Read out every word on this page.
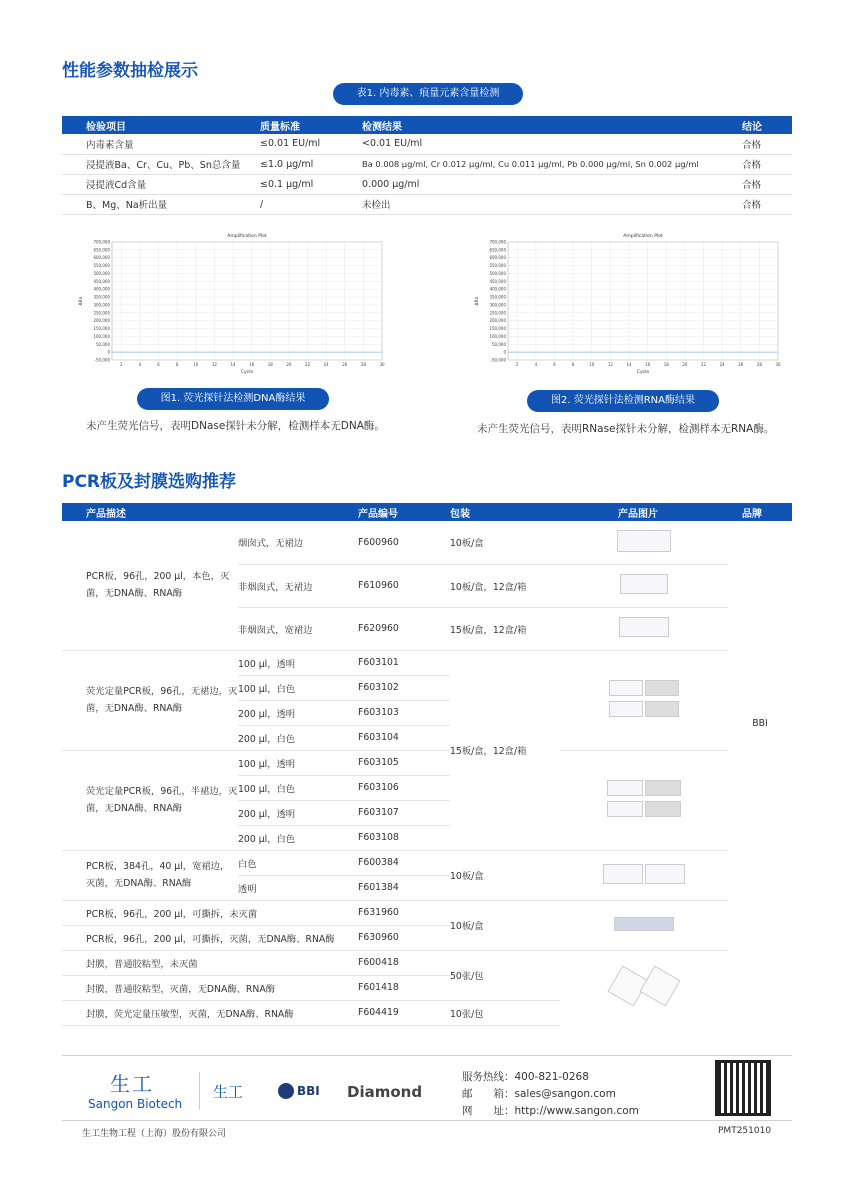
性能参数抽检展示
表1. 内毒素、痕量元素含量检测
检验项目	质量标准	检测结果	结论
内毒素含量	≤0.01 EU/ml	<0.01 EU/ml	合格
浸提液Ba、Cr、Cu、Pb、Sn总含量	≤1.0 μg/ml	Ba 0.008 μg/ml, Cr 0.012 μg/ml, Cu 0.011 μg/ml, Pb 0.000 μg/ml, Sn 0.002 μg/ml	合格
浸提液Cd含量	≤0.1 μg/ml	0.000 μg/ml	合格
B、Mg、Na析出量	/	未检出	合格
Amplification Plot
700,000
650,000
600,000
550,000
500,000
450,000
400,000
350,000
300,000
250,000
200,000
150,000
100,000
50,000
0
-50,000
2	4	6	8	10	12	14	16	18	20	22	24	26	28	30
Cycle
ΔRn
Amplification Plot
700,000
650,000
600,000
550,000
500,000
450,000
400,000
350,000
300,000
250,000
200,000
150,000
100,000
50,000
0
-50,000
2	4	6	8	10	12	14	16	18	20	22	24	26	28	30
Cycle
ΔRn
图1. 荧光探针法检测DNA酶结果	图2. 荧光探针法检测RNA酶结果
未产生荧光信号，表明DNase探针未分解，检测样本无DNA酶。	未产生荧光信号，表明RNase探针未分解，检测样本无RNA酶。
PCR板及封膜选购推荐
产品描述		产品编号	包装	产品图片	品牌
PCR板，96孔，200 μl，本色，灭菌，无DNA酶、RNA酶	烟囱式，无裙边	F600960	10板/盒		BBI
	非烟囱式，无裙边	F610960	10板/盒，12盒/箱		
	非烟囱式，宽裙边	F620960	15板/盒，12盒/箱		
荧光定量PCR板，96孔，无裙边，灭菌，无DNA酶、RNA酶	100 μl，透明	F603101	15板/盒，12盒/箱		

	100 μl，白色	F603102			
	200 μl，透明	F603103			
	200 μl，白色	F603104			
荧光定量PCR板，96孔，半裙边，灭菌，无DNA酶、RNA酶	100 μl，透明	F603105			

	100 μl，白色	F603106			
	200 μl，透明	F603107			
	200 μl，白色	F603108			
PCR板，384孔，40 μl，宽裙边，灭菌，无DNA酶、RNA酶	白色	F600384	10板/盒		
	透明	F601384			
PCR板，96孔，200 μl，可撕拆，未灭菌		F631960	10板/盒		
PCR板，96孔，200 μl，可撕拆，灭菌，无DNA酶、RNA酶		F630960			
封膜，普通胶粘型，未灭菌		F600418	50张/包		
封膜，普通胶粘型，灭菌，无DNA酶、RNA酶		F601418			
封膜，荧光定量压敏型，灭菌，无DNA酶、RNA酶		F604419	10张/包		
生工
Sangon Biotech
生工	BBI Diamond
服务热线：400-821-0268
邮　　箱：sales@sangon.com
网　　址：http://www.sangon.com
生工生物工程（上海）股份有限公司	PMT251010
